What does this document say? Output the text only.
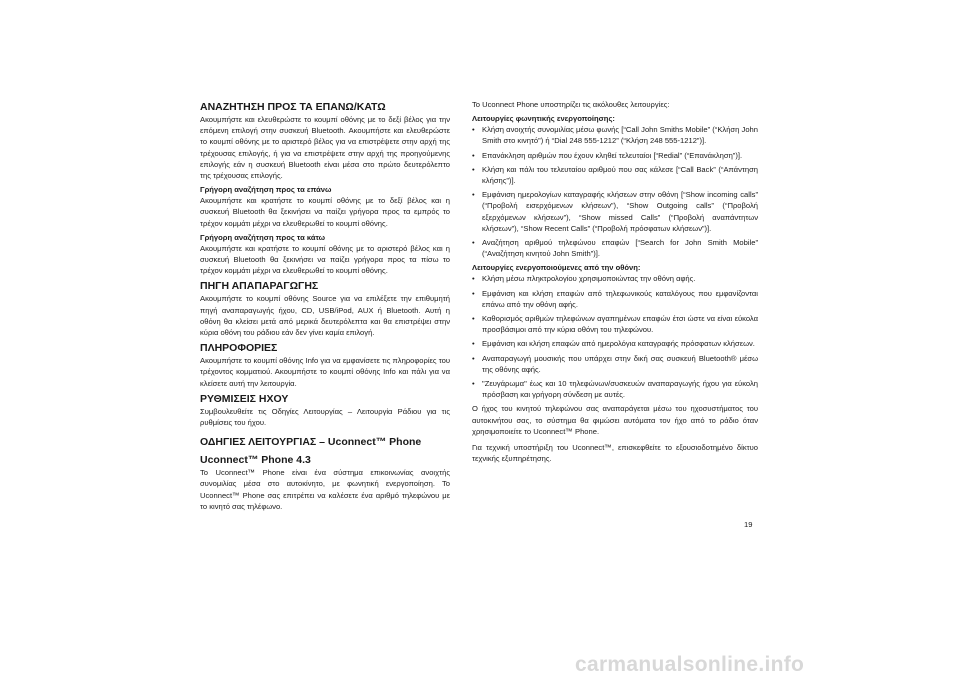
ΑΝΑΖΗΤΗΣΗ ΠΡΟΣ ΤΑ ΕΠΑΝΩ/ΚΑΤΩ

Ακουμπήστε και ελευθερώστε το κουμπί οθόνης με το δεξί βέλος για την επόμενη επιλογή στην συσκευή Bluetooth. Ακουμπήστε και ελευθερώστε το κουμπί οθόνης με το αριστερό βέλος για να επιστρέψετε στην αρχή της τρέχουσας επιλογής, ή για να επιστρέψετε στην αρχή της προηγούμενης επιλογής εάν η συσκευή Bluetooth είναι μέσα στο πρώτο δευτερόλεπτο της τρέχουσας επιλογής.

Γρήγορη αναζήτηση προς τα επάνω

Ακουμπήστε και κρατήστε το κουμπί οθόνης με το δεξί βέλος και η συσκευή Bluetooth θα ξεκινήσει να παίζει γρήγορα προς τα εμπρός το τρέχον κομμάτι μέχρι να ελευθερωθεί το κουμπί οθόνης.

Γρήγορη αναζήτηση προς τα κάτω

Ακουμπήστε και κρατήστε το κουμπί οθόνης με το αριστερό βέλος και η συσκευή Bluetooth θα ξεκινήσει να παίζει γρήγορα προς τα πίσω το τρέχον κομμάτι μέχρι να ελευθερωθεί το κουμπί οθόνης.

ΠΗΓΗ ΑΠΑΠΑΡΑΓΩΓΗΣ

Ακουμπήστε το κουμπί οθόνης Source για να επιλέξετε την επιθυμητή πηγή αναπαραγωγής ήχου, CD, USB/iPod, AUX ή Bluetooth. Αυτή η οθόνη θα κλείσει μετά από μερικά δευτερόλεπτα και θα επιστρέψει στην κύρια οθόνη του ράδιου εάν δεν γίνει καμία επιλογή.

ΠΛΗΡΟΦΟΡΙΕΣ

Ακουμπήστε το κουμπί οθόνης Info για να εμφανίσετε τις πληροφορίες του τρέχοντος κομματιού. Ακουμπήστε το κουμπί οθόνης Info και πάλι για να κλείσετε αυτή την λειτουργία.

ΡΥΘΜΙΣΕΙΣ ΗΧΟΥ

Συμβουλευθείτε τις Οδηγίες Λειτουργίας – Λειτουργία Ράδιου για τις ρυθμίσεις του ήχου.

ΟΔΗΓΙΕΣ ΛΕΙΤΟΥΡΓΙΑΣ – Uconnect™ Phone
Uconnect™ Phone 4.3

Το Uconnect™ Phone είναι ένα σύστημα επικοινωνίας ανοιχτής συνομιλίας μέσα στο αυτοκίνητο, με φωνητική ενεργοποίηση. Το Uconnect™ Phone σας επιτρέπει να καλέσετε ένα αριθμό τηλεφώνου με το κινητό σας τηλέφωνο.

Το Uconnect Phone υποστηρίζει τις ακόλουθες λειτουργίες:

Λειτουργίες φωνητικής ενεργοποίησης:
• Κλήση ανοιχτής συνομιλίας μέσω φωνής [“Call John Smiths Mobile” (“Κλήση John Smith στο κινητό”) ή “Dial 248 555-1212” (“Κλήση 248 555-1212”)].
• Επανάκληση αριθμών που έχουν κληθεί τελευταίοι [“Redial” (“Επανάκληση”)].
• Κλήση και πάλι του τελευταίου αριθμού που σας κάλεσε [“Call Back” (“Απάντηση κλήσης”)].
• Εμφάνιση ημερολογίων καταγραφής κλήσεων στην οθόνη [“Show incoming calls” (“Προβολή εισερχόμενων κλήσεων”), “Show Outgoing calls” (“Προβολή εξερχόμενων κλήσεων”), “Show missed Calls” (“Προβολή αναπάντητων κλήσεων”), “Show Recent Calls” (“Προβολή πρόσφατων κλήσεων”)].
• Αναζήτηση αριθμού τηλεφώνου επαφών [“Search for John Smith Mobile” (“Αναζήτηση κινητού John Smith”)].
Λειτουργίες ενεργοποιούμενες από την οθόνη:
• Κλήση μέσω πληκτρολογίου χρησιμοποιώντας την οθόνη αφής.
• Εμφάνιση και κλήση επαφών από τηλεφωνικούς καταλόγους που εμφανίζονται επάνω από την οθόνη αφής.
• Καθορισμός αριθμών τηλεφώνων αγαπημένων επαφών έτσι ώστε να είναι εύκολα προσβάσιμοι από την κύρια οθόνη του τηλεφώνου.
• Εμφάνιση και κλήση επαφών από ημερολόγια καταγραφής πρόσφατων κλήσεων.
• Αναπαραγωγή μουσικής που υπάρχει στην δική σας συσκευή Bluetooth® μέσω της οθόνης αφής.
• "Ζευγάρωμα" έως και 10 τηλεφώνων/συσκευών αναπαραγωγής ήχου για εύκολη πρόσβαση και γρήγορη σύνδεση με αυτές.

Ο ήχος του κινητού τηλεφώνου σας αναπαράγεται μέσω του ηχοσυστήματος του αυτοκινήτου σας, το σύστημα θα φιμώσει αυτόματα τον ήχο από το ράδιο όταν χρησιμοποιείτε το Uconnect™ Phone.

Για τεχνική υποστήριξη του Uconnect™, επισκεφθείτε το εξουσιοδοτημένο δίκτυο τεχνικής εξυπηρέτησης.

19
carmanualsonline.info
